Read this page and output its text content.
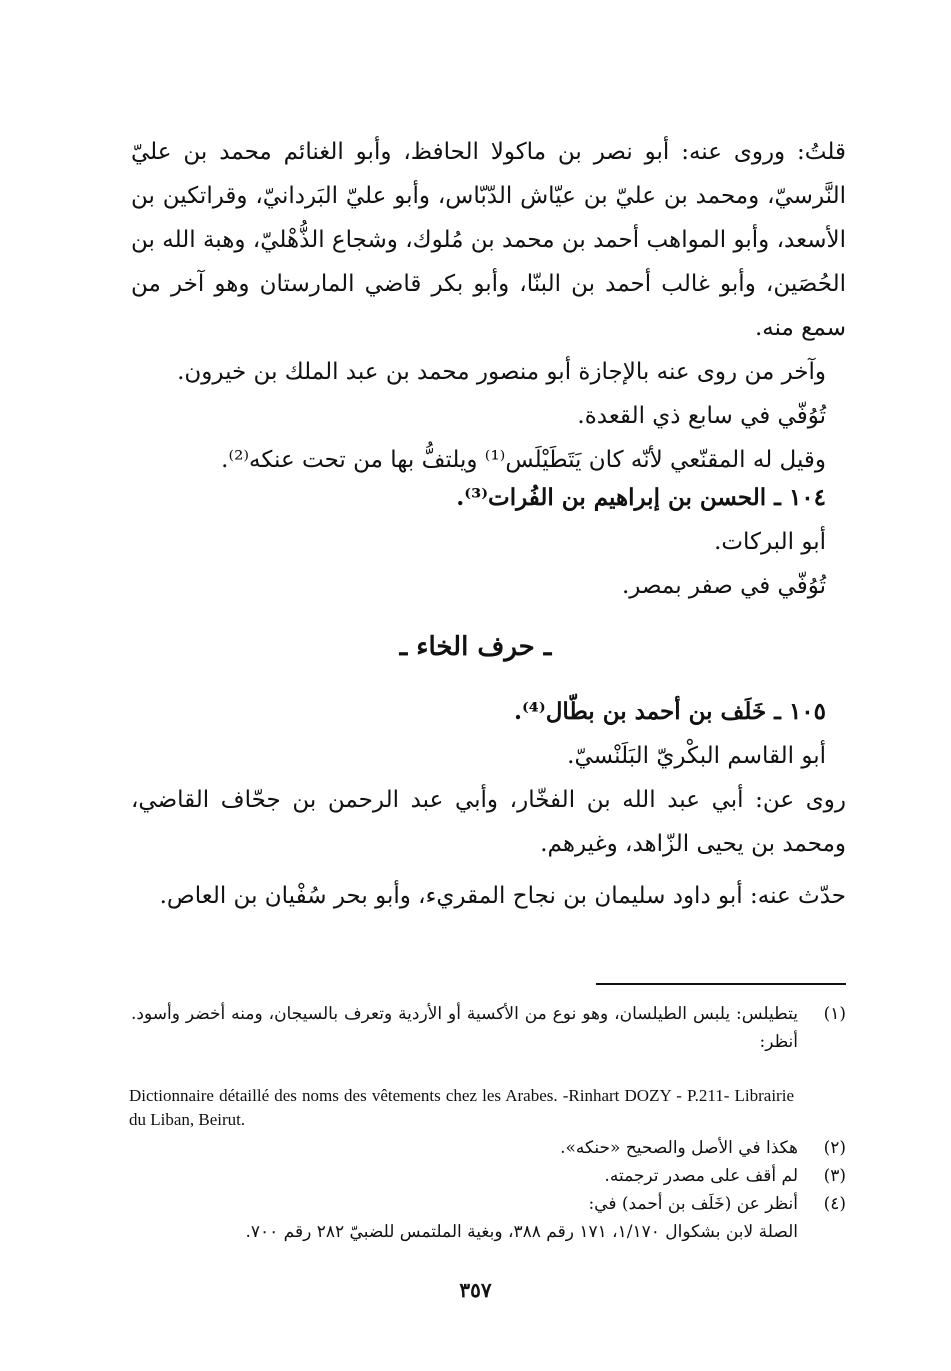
قلتُ: وروى عنه: أبو نصر بن ماكولا الحافظ، وأبو الغنائم محمد بن عليّ النَّرسيّ، ومحمد بن عليّ بن عيّاش الدّبّاس، وأبو عليّ البَردانيّ، وقراتكين بن الأسعد، وأبو المواهب أحمد بن محمد بن مُلوك، وشجاع الذُّهْليّ، وهبة الله بن الحُصَين، وأبو غالب أحمد بن البنّا، وأبو بكر قاضي المارستان وهو آخر من سمع منه.

وآخر من روى عنه بالإجازة أبو منصور محمد بن عبد الملك بن خيرون.

تُوُفّي في سابع ذي القعدة.

وقيل له المقنّعي لأنّه كان يَتَطَيْلَس⁽¹⁾ ويلتفُّ بها من تحت عنكه⁽²⁾.

١٠٤ ـ الحسن بن إبراهيم بن الفُرات⁽³⁾.

أبو البركات.

تُوُفّي في صفر بمصر.

ـ حرف الخاء ـ

١٠٥ ـ خَلَف بن أحمد بن بطّال⁽⁴⁾.

أبو القاسم البكْريّ البَلَنْسيّ.

روى عن: أبي عبد الله بن الفخّار، وأبي عبد الرحمن بن جحّاف القاضي، ومحمد بن يحيى الزّاهد، وغيرهم.

حدّث عنه: أبو داود سليمان بن نجاح المقريء، وأبو بحر سُفْيان بن العاص.

(١)
يتطيلس: يلبس الطيلسان، وهو نوع من الأكسية أو الأردية وتعرف بالسيجان، ومنه أخضر وأسود. أنظر:
Dictionnaire détaillé des noms des vêtements chez les Arabes. -Rinhart DOZY - P.211- Librairie du Liban, Beirut.
(٢)
هكذا في الأصل والصحيح «حنكه».
(٣)
لم أقف على مصدر ترجمته.
(٤)
أنظر عن (خَلَف بن أحمد) في:
الصلة لابن بشكوال ١/١٧٠، ١٧١ رقم ٣٨٨، وبغية الملتمس للضبيّ ٢٨٢ رقم ٧٠٠.
٣٥٧
